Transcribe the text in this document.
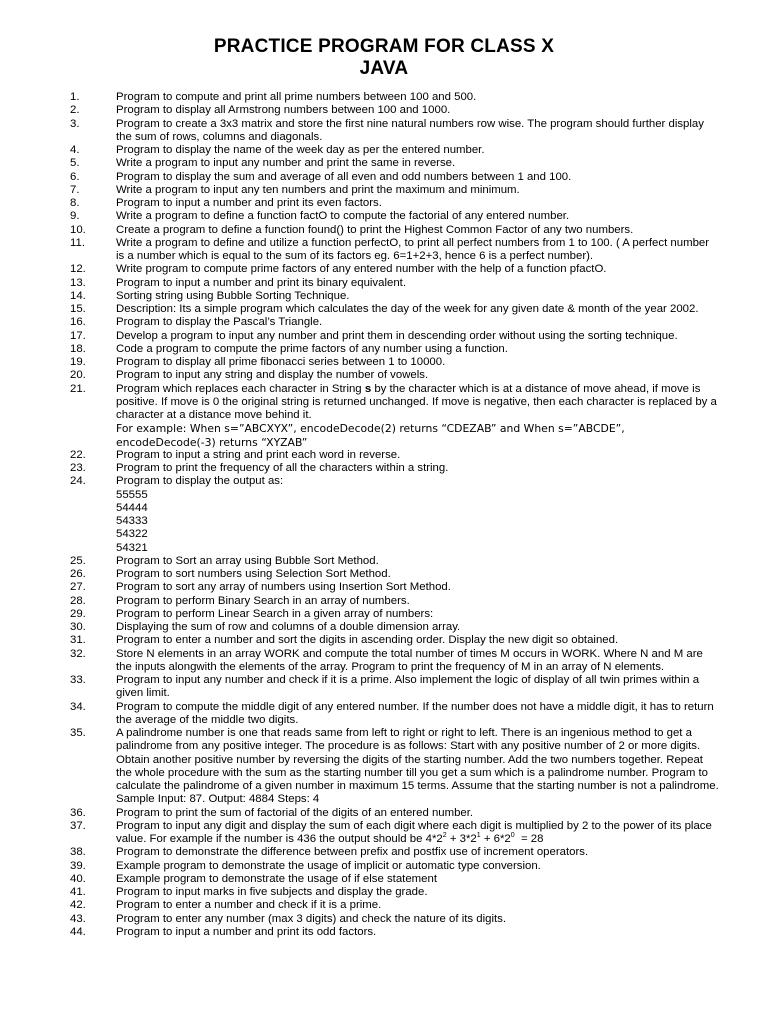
PRACTICE PROGRAM FOR CLASS X
JAVA
1.	Program to compute and print all prime numbers between 100 and 500.
2.	Program to display all Armstrong numbers between 100 and 1000.
3.	Program to create a 3x3 matrix and store the first nine natural numbers row wise. The program should further display the sum of rows, columns and diagonals.
4.	Program to display the name of the week day as per the entered number.
5.	Write a program to input any number and print the same in reverse.
6.	Program to display the sum and average of all even and odd numbers between 1 and 100.
7.	Write a program to input any ten numbers and print the maximum and minimum.
8.	Program to input a number and print its even factors.
9.	Write a program to define a function factO to compute the factorial of any entered number.
10.	Create a program to define a function found() to print the Highest Common Factor of any two numbers.
11.	Write a program to define and utilize a function perfectO, to print all perfect numbers from 1 to 100. ( A perfect number is a number which is equal to the sum of its factors eg. 6=1+2+3, hence 6 is a perfect number).
12.	Write program to compute prime factors of any entered number with the help of a function pfactO.
13.	Program to input a number and print its binary equivalent.
14.	Sorting string using Bubble Sorting Technique.
15.	Description: Its a simple program which calculates the day of the week for any given date & month of the year 2002.
16.	Program to display the Pascal’s Triangle.
17.	Develop a program to input any number and print them in descending order without using the sorting technique.
18.	Code a program to compute the prime factors of any number using a function.
19.	Program to display all prime fibonacci series between 1 to 10000.
20.	Program to input any string and display the number of vowels.
21.	Program which replaces each character in String s by the character which is at a distance of move ahead, if move is positive. If move is 0 the original string is returned unchanged. If move is negative, then each character is replaced by a character at a distance move behind it.
For example: When s=”ABCXYX”, encodeDecode(2) returns “CDEZAB” and When s=”ABCDE”, encodeDecode(-3) returns “XYZAB”
22.	Program to input a string and print each word in reverse.
23.	Program to print the frequency of all the characters within a string.
24.	Program to display the output as:
55555
54444
54333
54322
54321
25.	Program to Sort an array using Bubble Sort Method.
26.	Program to sort numbers using Selection Sort Method.
27.	Program to sort any array of numbers using Insertion Sort Method.
28.	Program to perform Binary Search in an array of numbers.
29.	Program to perform Linear Search in a given array of numbers:
30.	Displaying the sum of row and columns of a double dimension array.
31.	Program to enter a number and sort the digits in ascending order. Display the new digit so obtained.
32.	Store N elements in an array WORK and compute the total number of times M occurs in WORK. Where N and M are the inputs alongwith the elements of the array. Program to print the frequency of M in an array of N elements.
33.	Program to input any number and check if it is a prime. Also implement the logic of display of all twin primes within a given limit.
34.	Program to compute the middle digit of any entered number. If the number does not have a middle digit, it has to return the average of the middle two digits.
35.	A palindrome number is one that reads same from left to right or right to left. There is an ingenious method to get a palindrome from any positive integer. The procedure is as follows: Start with any positive number of 2 or more digits. Obtain another positive number by reversing the digits of the starting number. Add the two numbers together. Repeat the whole procedure with the sum as the starting number till you get a sum which is a palindrome number. Program to calculate the palindrome of a given number in maximum 15 terms. Assume that the starting number is not a palindrome. Sample Input: 87. Output: 4884 Steps: 4
36.	Program to print the sum of factorial of the digits of an entered number.
37.	Program to input any digit and display the sum of each digit where each digit is multiplied by 2 to the power of its place value. For example if the number is 436 the output should be $4*2^2 + 3*2^1 + 6*2^0 = 28$
38.	Program to demonstrate the difference between prefix and postfix use of increment operators.
39.	Example program to demonstrate the usage of implicit or automatic type conversion.
40.	Example program to demonstrate the usage of if else statement
41.	Program to input marks in five subjects and display the grade.
42.	Program to enter a number and check if it is a prime.
43.	Program to enter any number (max 3 digits) and check the nature of its digits.
44.	Program to input a number and print its odd factors.
